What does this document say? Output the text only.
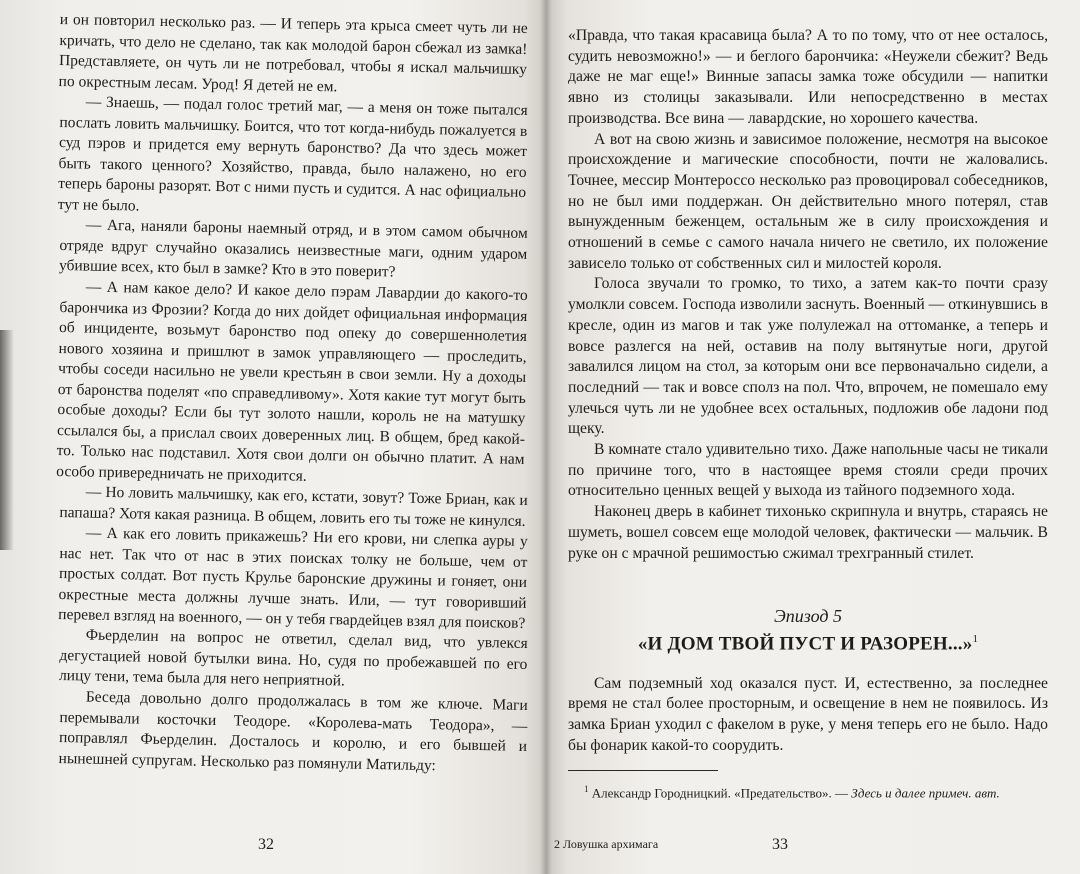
и он повторил несколько раз. — И теперь эта крыса смеет чуть ли не кричать, что дело не сделано, так как молодой барон сбежал из замка! Представляете, он чуть ли не потребовал, чтобы я искал мальчишку по окрестным лесам. Урод! Я детей не ем.

— Знаешь, — подал голос третий маг, — а меня он тоже пытался послать ловить мальчишку. Боится, что тот когда-нибудь пожалуется в суд пэров и придется ему вернуть баронство? Да что здесь может быть такого ценного? Хозяйство, правда, было налажено, но его теперь бароны разорят. Вот с ними пусть и судится. А нас официально тут не было.

— Ага, наняли бароны наемный отряд, и в этом самом обычном отряде вдруг случайно оказались неизвестные маги, одним ударом убившие всех, кто был в замке? Кто в это поверит?

— А нам какое дело? И какое дело пэрам Лавардии до какого-то барончика из Фрозии? Когда до них дойдет официальная информация об инциденте, возьмут баронство под опеку до совершеннолетия нового хозяина и пришлют в замок управляющего — проследить, чтобы соседи насильно не увели крестьян в свои земли. Ну а доходы от баронства поделят «по справедливому». Хотя какие тут могут быть особые доходы? Если бы тут золото нашли, король не на матушку ссылался бы, а прислал своих доверенных лиц. В общем, бред какой-то. Только нас подставил. Хотя свои долги он обычно платит. А нам особо привередничать не приходится.

— Но ловить мальчишку, как его, кстати, зовут? Тоже Бриан, как и папаша? Хотя какая разница. В общем, ловить его ты тоже не кинулся.

— А как его ловить прикажешь? Ни его крови, ни слепка ауры у нас нет. Так что от нас в этих поисках толку не больше, чем от простых солдат. Вот пусть Крулье баронские дружины и гоняет, они окрестные места должны лучше знать. Или, — тут говоривший перевел взгляд на военного, — он у тебя гвардейцев взял для поисков?

Фьерделин на вопрос не ответил, сделал вид, что увлекся дегустацией новой бутылки вина. Но, судя по пробежавшей по его лицу тени, тема была для него неприятной.

Беседа довольно долго продолжалась в том же ключе. Маги перемывали косточки Теодоре. «Королева-мать Теодора», — поправлял Фьерделин. Досталось и королю, и его бывшей и нынешней супругам. Несколько раз помянули Матильду:

32

«Правда, что такая красавица была? А то по тому, что от нее осталось, судить невозможно!» — и беглого барончика: «Неужели сбежит? Ведь даже не маг еще!» Винные запасы замка тоже обсудили — напитки явно из столицы заказывали. Или непосредственно в местах производства. Все вина — лавардские, но хорошего качества.

А вот на свою жизнь и зависимое положение, несмотря на высокое происхождение и магические способности, почти не жаловались. Точнее, мессир Монтероссо несколько раз провоцировал собеседников, но не был ими поддержан. Он действительно много потерял, став вынужденным беженцем, остальным же в силу происхождения и отношений в семье с самого начала ничего не светило, их положение зависело только от собственных сил и милостей короля.

Голоса звучали то громко, то тихо, а затем как-то почти сразу умолкли совсем. Господа изволили заснуть. Военный — откинувшись в кресле, один из магов и так уже полулежал на оттоманке, а теперь и вовсе разлегся на ней, оставив на полу вытянутые ноги, другой завалился лицом на стол, за которым они все первоначально сидели, а последний — так и вовсе сполз на пол. Что, впрочем, не помешало ему улечься чуть ли не удобнее всех остальных, подложив обе ладони под щеку.

В комнате стало удивительно тихо. Даже напольные часы не тикали по причине того, что в настоящее время стояли среди прочих относительно ценных вещей у выхода из тайного подземного хода.

Наконец дверь в кабинет тихонько скрипнула и внутрь, стараясь не шуметь, вошел совсем еще молодой человек, фактически — мальчик. В руке он с мрачной решимостью сжимал трехгранный стилет.

Эпизод 5
«И ДОМ ТВОЙ ПУСТ И РАЗОРЕН...»$^1$

Сам подземный ход оказался пуст. И, естественно, за последнее время не стал более просторным, и освещение в нем не появилось. Из замка Бриан уходил с факелом в руке, у меня теперь его не было. Надо бы фонарик какой-то соорудить.

$^1$ Александр Городницкий. «Предательство». — Здесь и далее примеч. авт.

2 Ловушка архимага	33
